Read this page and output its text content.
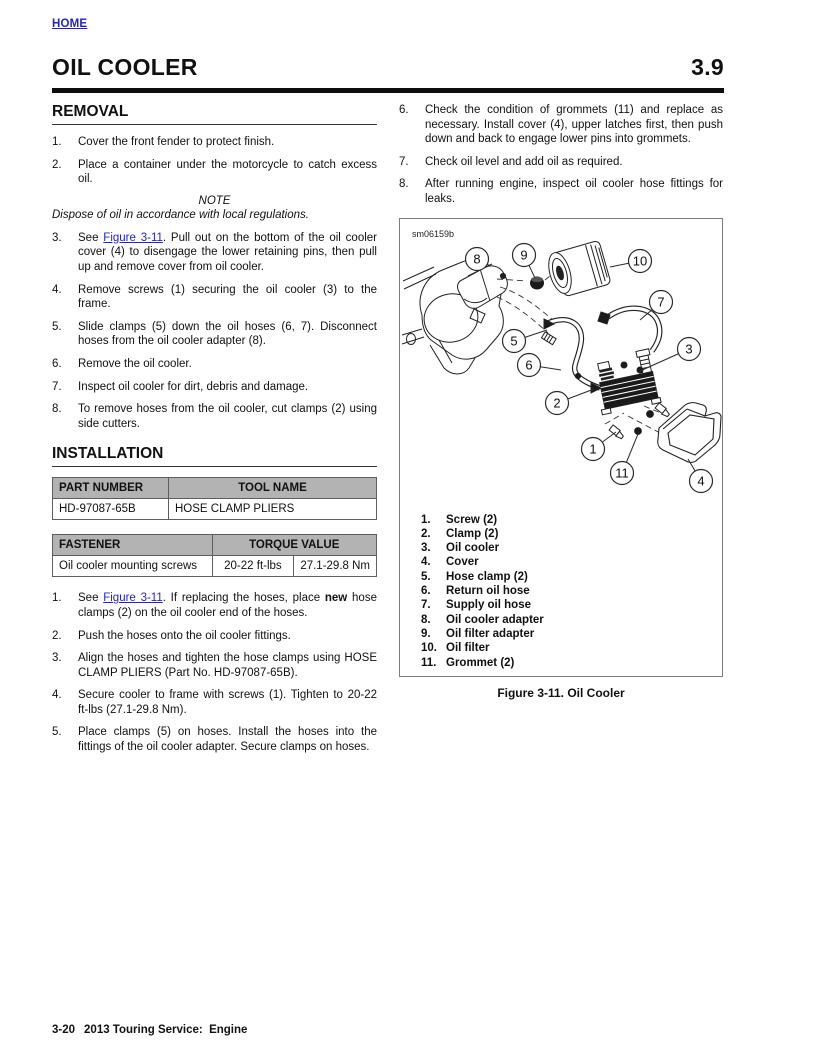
HOME
OIL COOLER	3.9
REMOVAL
1.	Cover the front fender to protect finish.
2.	Place a container under the motorcycle to catch excess oil.
NOTE
Dispose of oil in accordance with local regulations.
3.	See Figure 3-11. Pull out on the bottom of the oil cooler cover (4) to disengage the lower retaining pins, then pull up and remove cover from oil cooler.
4.	Remove screws (1) securing the oil cooler (3) to the frame.
5.	Slide clamps (5) down the oil hoses (6, 7). Disconnect hoses from the oil cooler adapter (8).
6.	Remove the oil cooler.
7.	Inspect oil cooler for dirt, debris and damage.
8.	To remove hoses from the oil cooler, cut clamps (2) using side cutters.
INSTALLATION
PART NUMBER	TOOL NAME
HD-97087-65B	HOSE CLAMP PLIERS
FASTENER	TORQUE VALUE	
Oil cooler mounting screws	20-22 ft-lbs	27.1-29.8 Nm
1.	See Figure 3-11. If replacing the hoses, place new hose clamps (2) on the oil cooler end of the hoses.
2.	Push the hoses onto the oil cooler fittings.
3.	Align the hoses and tighten the hose clamps using HOSE CLAMP PLIERS (Part No. HD-97087-65B).
4.	Secure cooler to frame with screws (1). Tighten to 20-22 ft-lbs (27.1-29.8 Nm).
5.	Place clamps (5) on hoses. Install the hoses into the fittings of the oil cooler adapter. Secure clamps on hoses.
6.	Check the condition of grommets (11) and replace as necessary. Install cover (4), upper latches first, then push down and back to engage lower pins into grommets.
7.	Check oil level and add oil as required.
8.	After running engine, inspect oil cooler hose fittings for leaks.
sm06159b
1
2
3
4
5
6
7
8	9	10
11
1.	Screw (2)
2.	Clamp (2)
3.	Oil cooler
4.	Cover
5.	Hose clamp (2)
6.	Return oil hose
7.	Supply oil hose
8.	Oil cooler adapter
9.	Oil filter adapter
10. Oil filter
11. Grommet (2)
Figure 3-11. Oil Cooler
3-20 2013 Touring Service:  Engine
